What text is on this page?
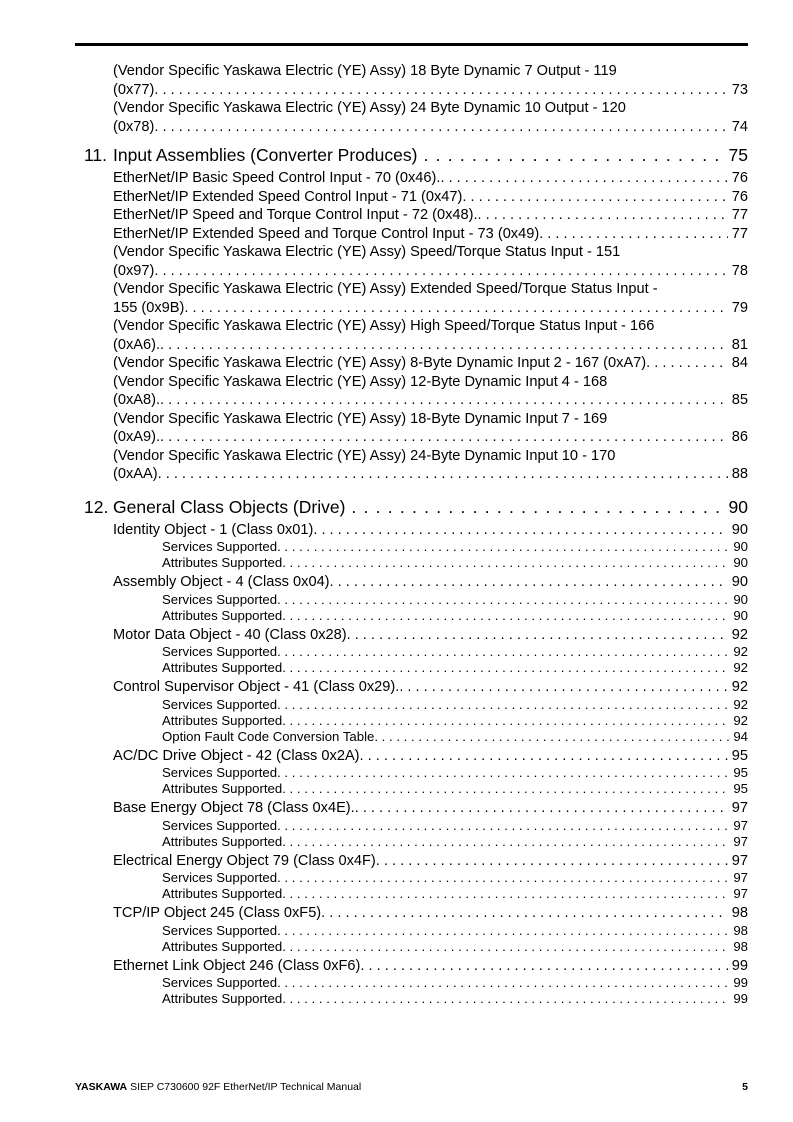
(Vendor Specific Yaskawa Electric (YE) Assy) 18 Byte Dynamic 7 Output - 119
(0x77) . . .	73
(Vendor Specific Yaskawa Electric (YE) Assy) 24 Byte Dynamic 10 Output - 120
(0x78) . . .	74
11. Input Assemblies (Converter Produces) . . .	75
EtherNet/IP Basic Speed Control Input - 70 (0x46). . . .	76
EtherNet/IP Extended Speed Control Input - 71 (0x47) . . .	76
EtherNet/IP Speed and Torque Control Input - 72 (0x48). . . .	77
EtherNet/IP Extended Speed and Torque Control Input - 73 (0x49) . . .	77
(Vendor Specific Yaskawa Electric (YE) Assy) Speed/Torque Status Input - 151
(0x97) . . .	78
(Vendor Specific Yaskawa Electric (YE) Assy) Extended Speed/Torque Status Input -
155 (0x9B) . . .	79
(Vendor Specific Yaskawa Electric (YE) Assy) High Speed/Torque Status Input - 166
(0xA6). . . .	81
(Vendor Specific Yaskawa Electric (YE) Assy) 8-Byte Dynamic Input 2 - 167 (0xA7) . . .	84
(Vendor Specific Yaskawa Electric (YE) Assy) 12-Byte Dynamic Input 4 - 168
(0xA8). . . .	85
(Vendor Specific Yaskawa Electric (YE) Assy) 18-Byte Dynamic Input 7 - 169
(0xA9). . . .	86
(Vendor Specific Yaskawa Electric (YE) Assy) 24-Byte Dynamic Input 10 - 170
(0xAA) . . .	88
12. General Class Objects (Drive) . . .	90
Identity Object - 1 (Class 0x01) . . .	90
Services Supported . . .	90
Attributes Supported . . .	90
Assembly Object - 4 (Class 0x04) . . .	90
Services Supported . . .	90
Attributes Supported . . .	90
Motor Data Object - 40 (Class 0x28) . . .	92
Services Supported . . .	92
Attributes Supported . . .	92
Control Supervisor Object - 41 (Class 0x29). . . .	92
Services Supported . . .	92
Attributes Supported . . .	92
Option Fault Code Conversion Table . . .	94
AC/DC Drive Object - 42 (Class 0x2A) . . .	95
Services Supported . . .	95
Attributes Supported . . .	95
Base Energy Object 78 (Class 0x4E). . . .	97
Services Supported . . .	97
Attributes Supported . . .	97
Electrical Energy Object 79 (Class 0x4F) . . .	97
Services Supported . . .	97
Attributes Supported . . .	97
TCP/IP Object 245 (Class 0xF5) . . .	98
Services Supported . . .	98
Attributes Supported . . .	98
Ethernet Link Object 246 (Class 0xF6) . . .	99
Services Supported . . .	99
Attributes Supported . . .	99
YASKAWA SIEP C730600 92F EtherNet/IP Technical Manual	5
